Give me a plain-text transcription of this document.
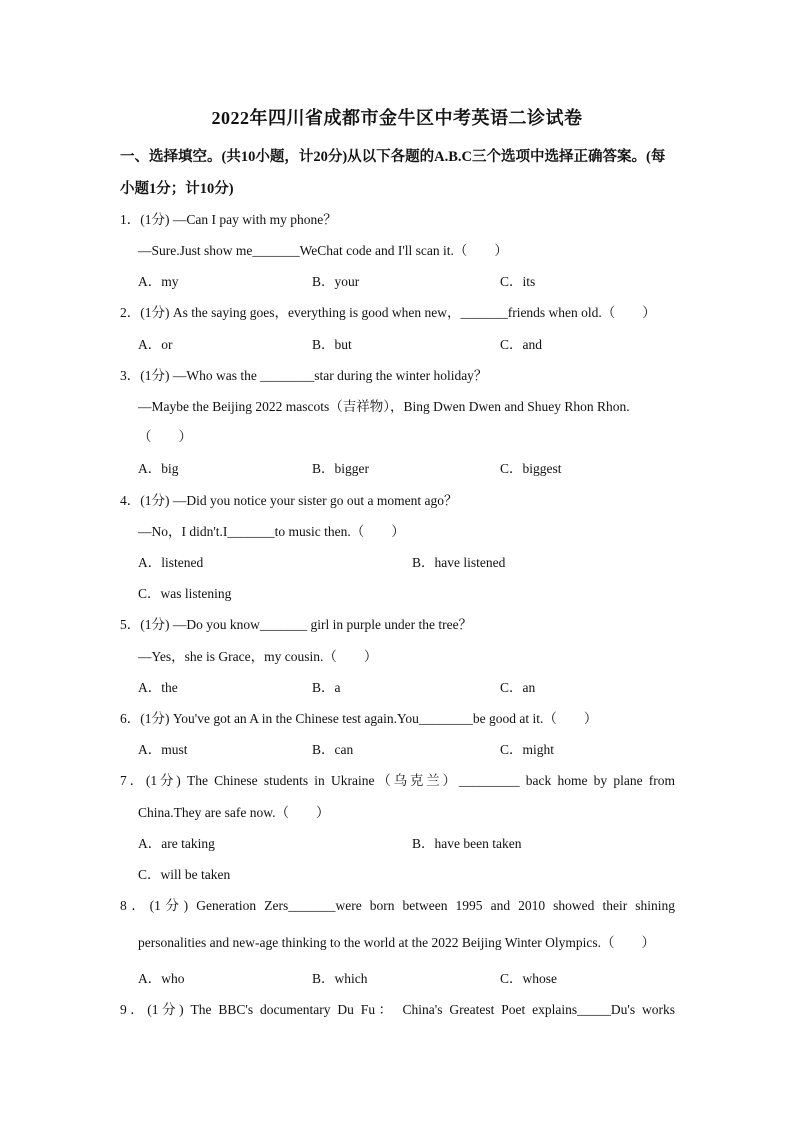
2022年四川省成都市金牛区中考英语二诊试卷
一、选择填空。(共10小题，计20分)从以下各题的A.B.C三个选项中选择正确答案。(每
小题1分；计10分)
1．(1分) —Can I pay with my phone？
—Sure.Just show me_______WeChat code and I'll scan it.（　　）
A．my	B．your	C．its
2．(1分) As the saying goes，everything is good when new，_______friends when old.（　　）
A．or	B．but	C．and
3．(1分) —Who was the ________star during the winter holiday？
—Maybe the Beijing 2022 mascots（吉祥物），Bing Dwen Dwen and Shuey Rhon Rhon.
（　　）
A．big	B．bigger	C．biggest
4．(1分) —Did you notice your sister go out a moment ago？
—No，I didn't.I_______to music then.（　　）
A．listened	B．have listened
C．was listening
5．(1分) —Do you know_______ girl in purple under the tree？
—Yes，she is Grace，my cousin.（　　）
A．the	B．a	C．an
6．(1分) You've got an A in the Chinese test again.You________be good at it.（　　）
A．must	B．can	C．might
7．(1分) The Chinese students in Ukraine（乌克兰）_________ back home by plane from
China.They are safe now.（　　）
A．are taking	B．have been taken
C．will be taken
8．(1分) Generation Zers_______were born between 1995 and 2010 showed their shining
personalities and new-age thinking to the world at the 2022 Beijing Winter Olympics.（　　）
A．who	B．which	C．whose
9．(1分) The BBC's documentary Du Fu： China's Greatest Poet explains_____Du's works
